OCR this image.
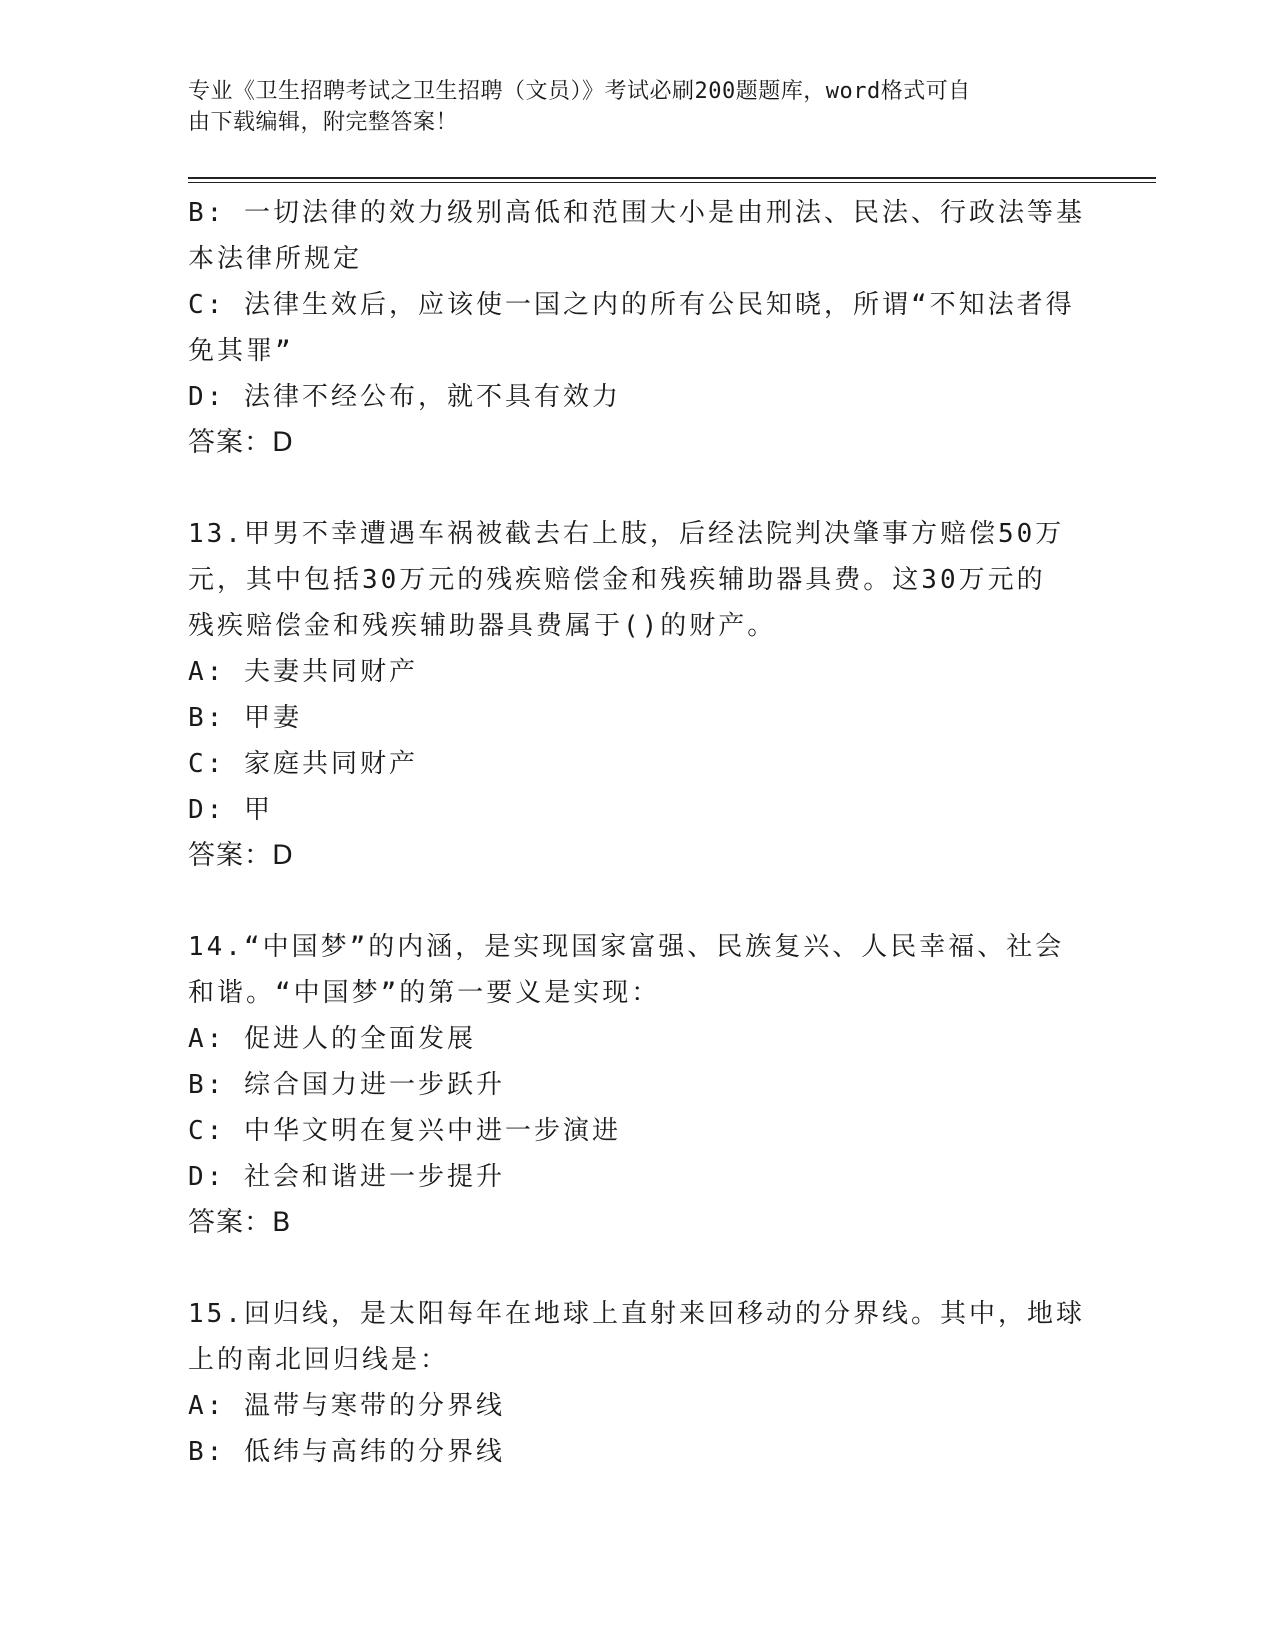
专业《卫生招聘考试之卫生招聘（文员）》考试必刷200题题库，word格式可自
由下载编辑，附完整答案！
B: 一切法律的效力级别高低和范围大小是由刑法、民法、行政法等基
本法律所规定
C: 法律生效后，应该使一国之内的所有公民知晓，所谓“不知法者得
免其罪”
D: 法律不经公布，就不具有效力
答案：D
13.甲男不幸遭遇车祸被截去右上肢，后经法院判决肇事方赔偿50万
元，其中包括30万元的残疾赔偿金和残疾辅助器具费。这30万元的
残疾赔偿金和残疾辅助器具费属于()的财产。
A: 夫妻共同财产
B: 甲妻
C: 家庭共同财产
D: 甲
答案：D
14.“中国梦”的内涵，是实现国家富强、民族复兴、人民幸福、社会
和谐。“中国梦”的第一要义是实现：
A: 促进人的全面发展
B: 综合国力进一步跃升
C: 中华文明在复兴中进一步演进
D: 社会和谐进一步提升
答案：B
15.回归线，是太阳每年在地球上直射来回移动的分界线。其中，地球
上的南北回归线是：
A: 温带与寒带的分界线
B: 低纬与高纬的分界线
